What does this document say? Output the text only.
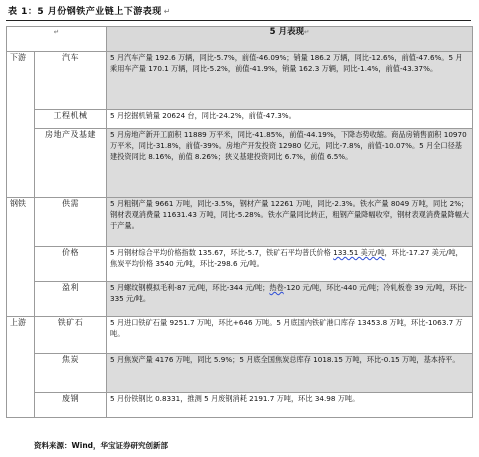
表 1：5 月份钢铁产业链上下游表现 ↵
↵		5 月表现↵
下游	汽车	5 月汽车产量 192.6 万辆，同比-5.7%，前值-46.09%；销量 186.2 万辆，同比-12.6%，前值-47.6%。5 月乘用车产量 170.1 万辆，同比-5.2%，前值-41.9%，销量 162.3 万辆，同比-1.4%，前值-43.37%。
	工程机械	5 月挖掘机销量 20624 台，同比-24.2%，前值-47.3%。
	房地产及基建	5 月房地产新开工面积 11889 万平米，同比-41.85%，前值-44.19%，下降态势收缩。商品房销售面积 10970 万平米，同比-31.8%，前值-39%。房地产开发投资 12980 亿元，同比-7.8%，前值-10.07%。5 月全口径基建投资同比 8.16%，前值 8.26%；狭义基建投资同比 6.7%，前值 6.5%。
钢铁	供需	5 月粗钢产量 9661 万吨，同比-3.5%，钢材产量 12261 万吨，同比-2.3%。铁水产量 8049 万吨，同比 2%；钢材表观消费量 11631.43 万吨，同比-5.28%。铁水产量同比转正，粗钢产量降幅收窄，钢材表观消费量降幅大于产量。
	价格	5 月钢材综合平均价格指数 135.67，环比-5.7，铁矿石平均普氏价格 133.51 美元/吨，环比-17.27 美元/吨，焦炭平均价格 3540 元/吨，环比-298.6 元/吨。
	盈利	5 月螺纹钢模拟毛利-87 元/吨，环比-344 元/吨；热卷-120 元/吨，环比-440 元/吨；冷轧板卷 39 元/吨，环比-335 元/吨。
上游	铁矿石	5 月进口铁矿石量 9251.7 万吨，环比+646 万吨。5 月底国内铁矿港口库存 13453.8 万吨，环比-1063.7 万吨。
	焦炭	5 月焦炭产量 4176 万吨，同比 5.9%；5 月底全国焦炭总库存 1018.15 万吨，环比-0.15 万吨，基本持平。
	废钢	5 月份铁钢比 0.8331，推测 5 月废钢消耗 2191.7 万吨，环比 34.98 万吨。
资料来源：Wind，华宝证券研究创新部
